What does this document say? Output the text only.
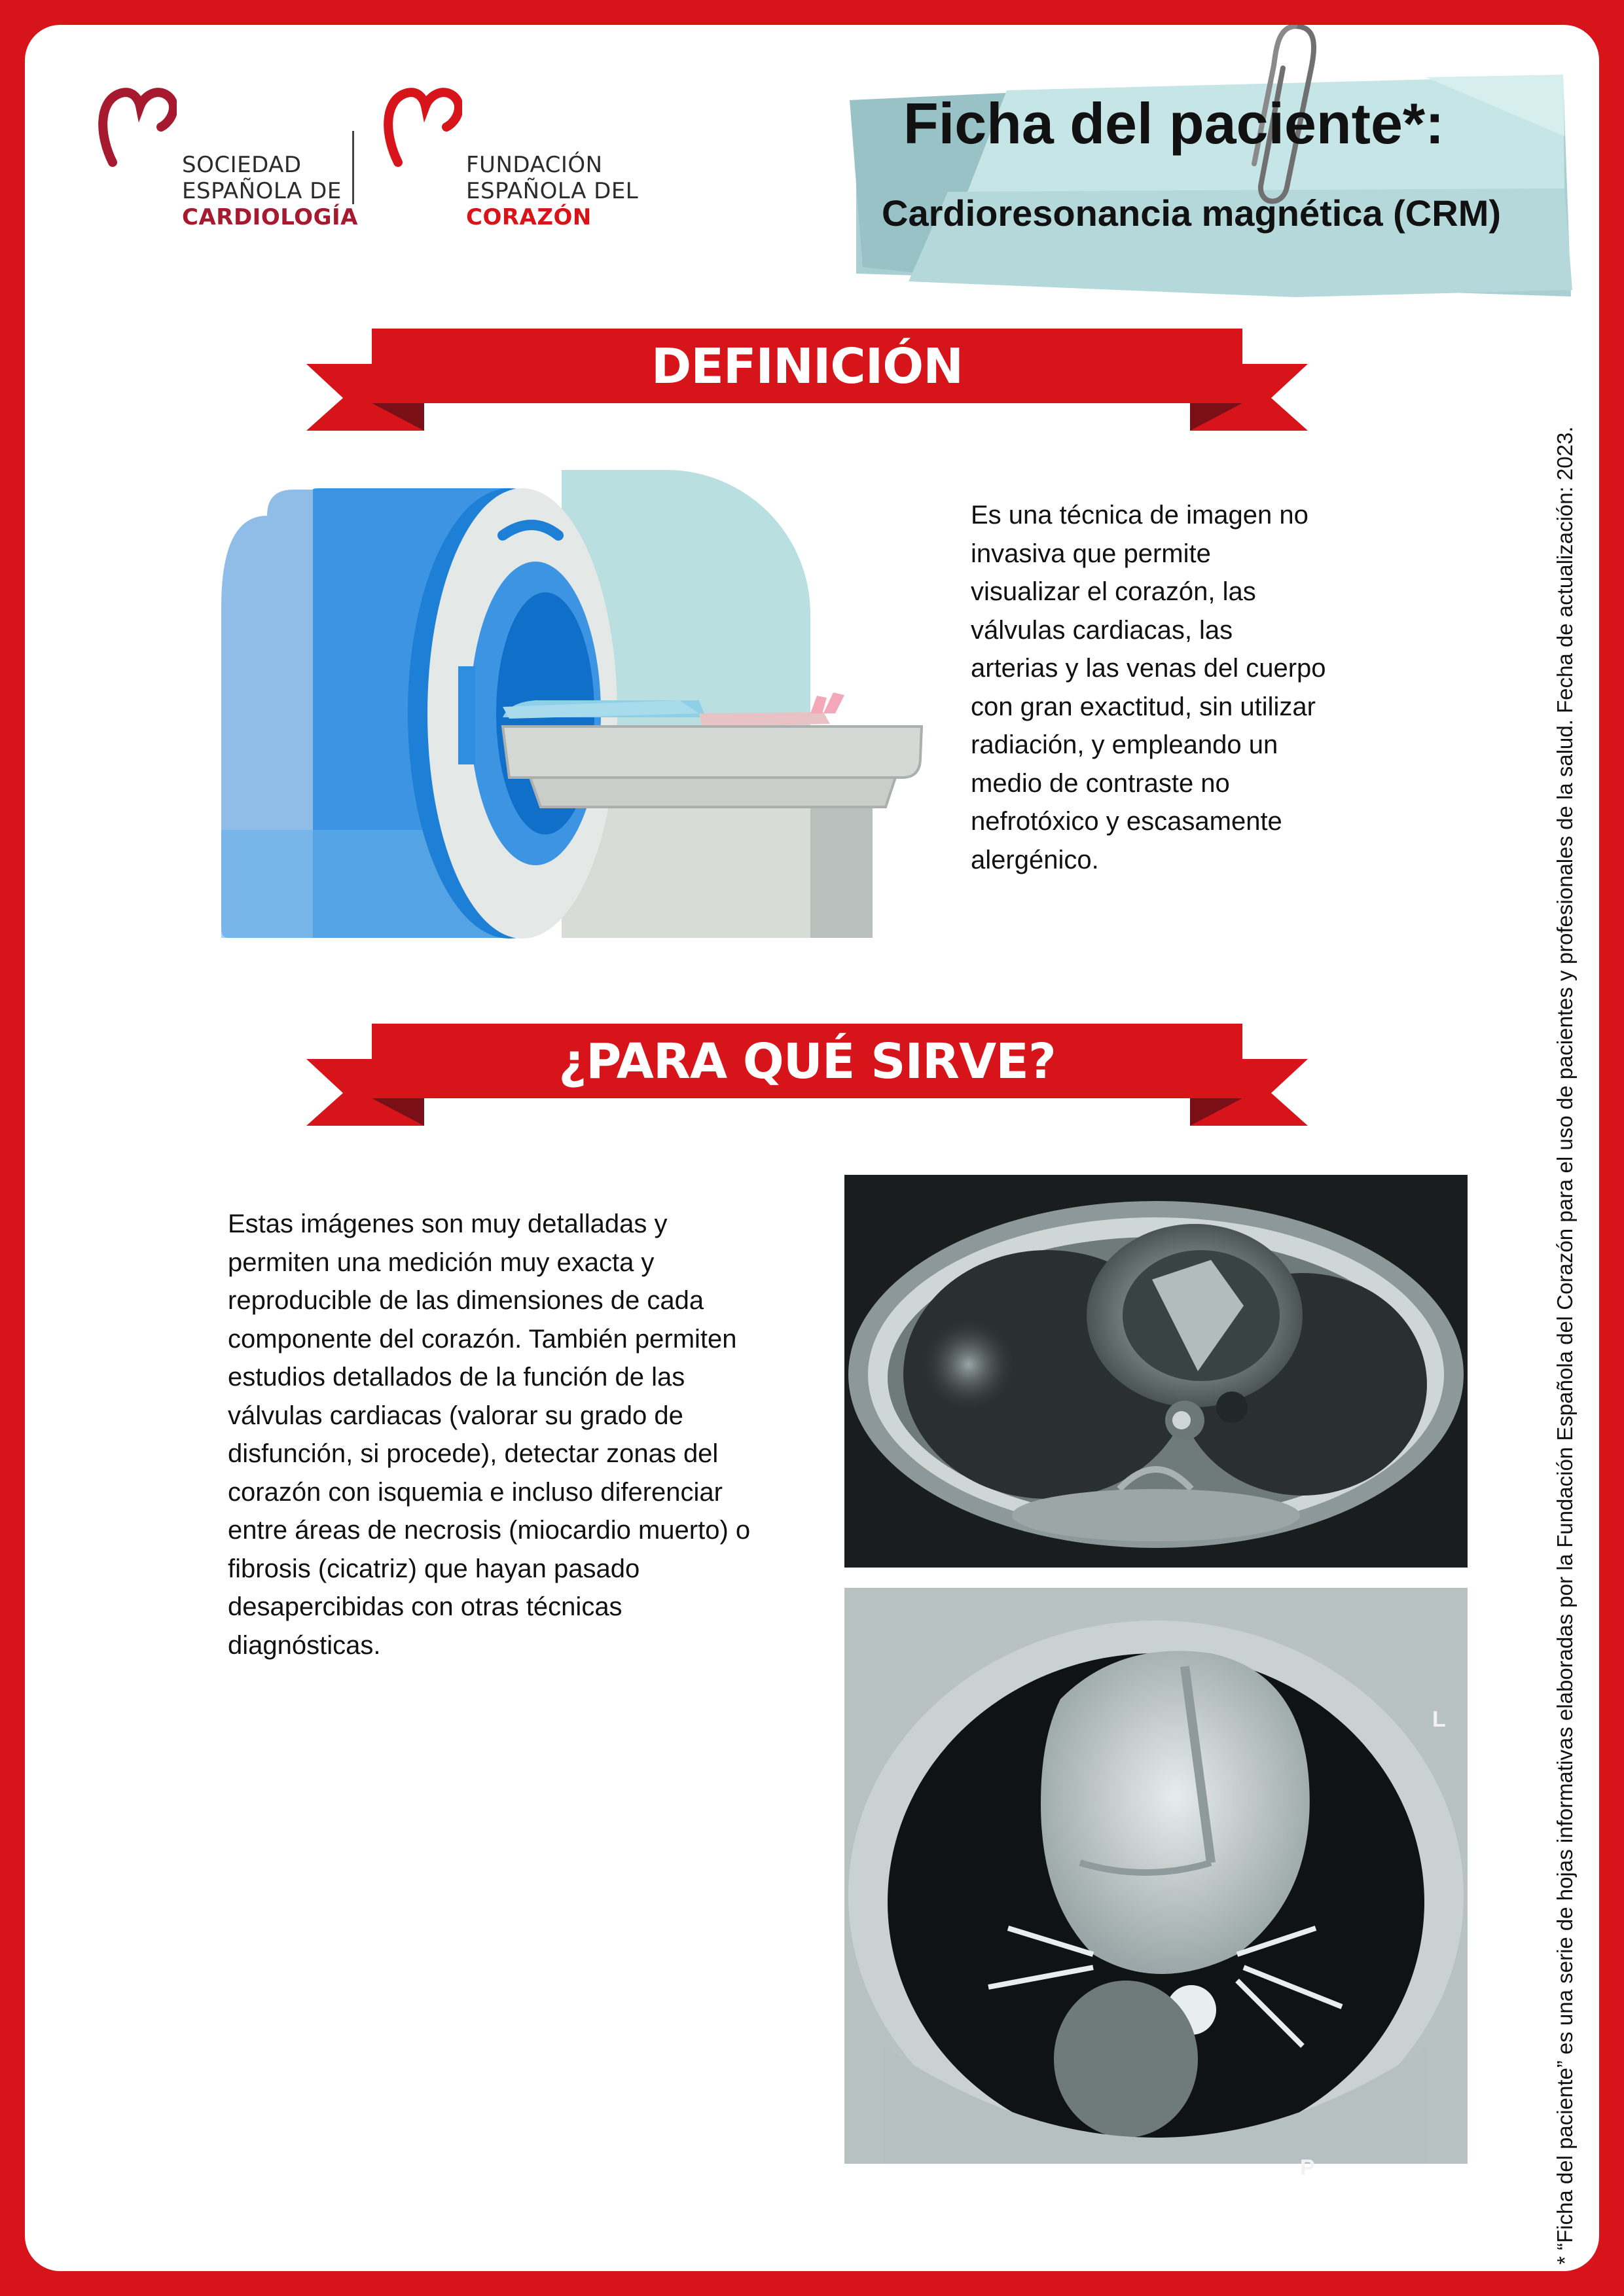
SOCIEDAD
ESPAÑOLA DE
CARDIOLOGÍA
FUNDACIÓN
ESPAÑOLA DEL
CORAZÓN
Ficha del paciente*:
Cardioresonancia magnética (CRM)
DEFINICIÓN
Es una técnica de imagen no
invasiva que permite
visualizar el corazón, las
válvulas cardiacas, las
arterias y las venas del cuerpo
con gran exactitud, sin utilizar
radiación, y empleando un
medio de contraste no
nefrotóxico y escasamente
alergénico.
¿PARA QUÉ SIRVE?
Estas imágenes son muy detalladas y
permiten una medición muy exacta y
reproducible de las dimensiones de cada
componente del corazón. También permiten
estudios detallados de la función de las
válvulas cardiacas (valorar su grado de
disfunción, si procede), detectar zonas del
corazón con isquemia e incluso diferenciar
entre áreas de necrosis (miocardio muerto) o
fibrosis (cicatriz) que hayan pasado
desapercibidas con otras técnicas
diagnósticas.
L
P	* “Ficha del paciente” es una serie de hojas informativas elaboradas por la Fundación Española del Corazón para el uso de pacientes y profesionales de la salud. Fecha de actualización: 2023.
